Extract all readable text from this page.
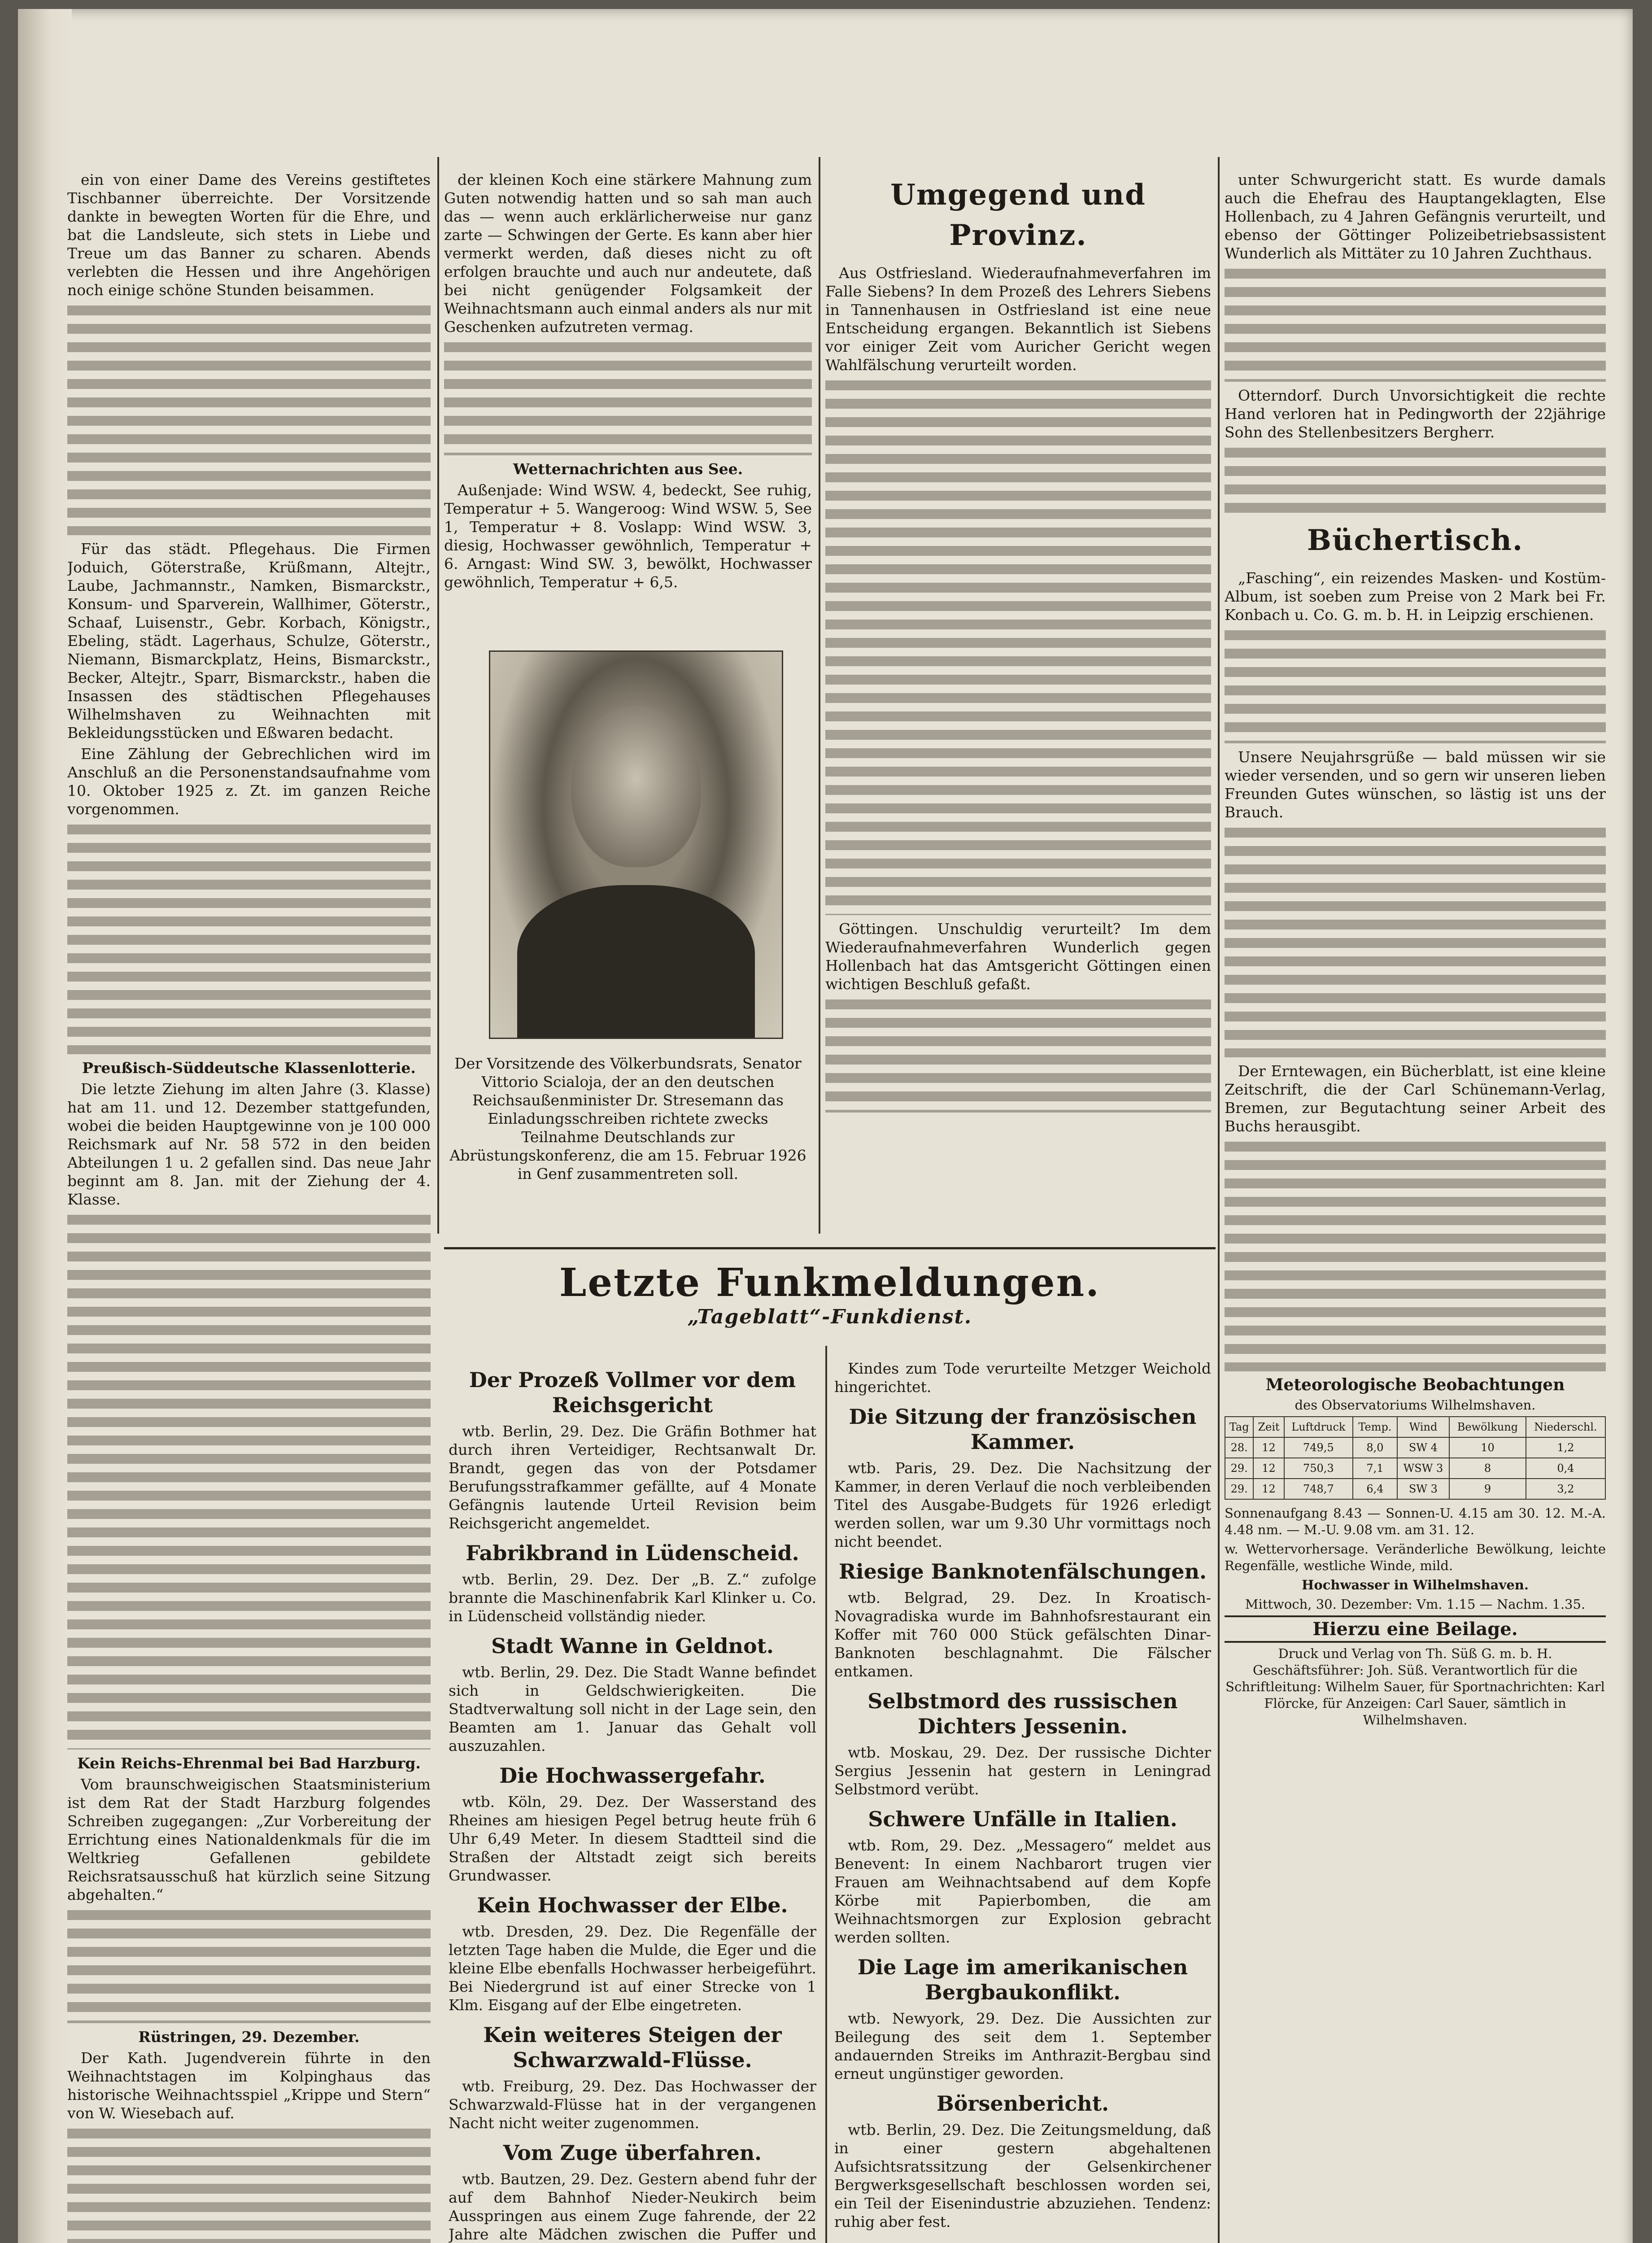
ein von einer Dame des Vereins gestiftetes Tischbanner überreichte. Der Vorsitzende dankte in bewegten Worten für die Ehre, und bat die Landsleute, sich stets in Liebe und Treue um das Banner zu scharen. Abends verlebten die Hessen und ihre Angehörigen noch einige schöne Stunden beisammen.

Für das städt. Pflegehaus. Die Firmen Joduich, Göterstraße, Krüßmann, Altejtr., Laube, Jachmannstr., Namken, Bismarckstr., Konsum- und Sparverein, Wallhimer, Göterstr., Schaaf, Luisenstr., Gebr. Korbach, Königstr., Ebeling, städt. Lagerhaus, Schulze, Göterstr., Niemann, Bismarckplatz, Heins, Bismarckstr., Becker, Altejtr., Sparr, Bismarckstr., haben die Insassen des städtischen Pflegehauses Wilhelmshaven zu Weihnachten mit Bekleidungsstücken und Eßwaren bedacht.

Eine Zählung der Gebrechlichen wird im Anschluß an die Personenstandsaufnahme vom 10. Oktober 1925 z. Zt. im ganzen Reiche vorgenommen.

Preußisch-Süddeutsche Klassenlotterie.

Die letzte Ziehung im alten Jahre (3. Klasse) hat am 11. und 12. Dezember stattgefunden, wobei die beiden Hauptgewinne von je 100 000 Reichsmark auf Nr. 58 572 in den beiden Abteilungen 1 u. 2 gefallen sind. Das neue Jahr beginnt am 8. Jan. mit der Ziehung der 4. Klasse.

Kein Reichs-Ehrenmal bei Bad Harzburg.

Vom braunschweigischen Staatsministerium ist dem Rat der Stadt Harzburg folgendes Schreiben zugegangen: „Zur Vorbereitung der Errichtung eines Nationaldenkmals für die im Weltkrieg Gefallenen gebildete Reichsratsausschuß hat kürzlich seine Sitzung abgehalten.“

Rüstringen, 29. Dezember.

Der Kath. Jugendverein führte in den Weihnachtstagen im Kolpinghaus das historische Weihnachtsspiel „Krippe und Stern“ von W. Wiesebach auf.

der kleinen Koch eine stärkere Mahnung zum Guten notwendig hatten und so sah man auch das — wenn auch erklärlicherweise nur ganz zarte — Schwingen der Gerte. Es kann aber hier vermerkt werden, daß dieses nicht zu oft erfolgen brauchte und auch nur andeutete, daß bei nicht genügender Folgsamkeit der Weihnachtsmann auch einmal anders als nur mit Geschenken aufzutreten vermag.

Wetternachrichten aus See.

Außenjade: Wind WSW. 4, bedeckt, See ruhig, Temperatur + 5. Wangeroog: Wind WSW. 5, See 1, Temperatur + 8. Voslapp: Wind WSW. 3, diesig, Hochwasser gewöhnlich, Temperatur + 6. Arngast: Wind SW. 3, bewölkt, Hochwasser gewöhnlich, Temperatur + 6,5.

Der Vorsitzende des Völkerbundsrats, Senator Vittorio Scialoja, der an den deutschen Reichsaußenminister Dr. Stresemann das Einladungsschreiben richtete zwecks Teilnahme Deutschlands zur Abrüstungskonferenz, die am 15. Februar 1926 in Genf zusammentreten soll.
Umgegend und Provinz.

Aus Ostfriesland. Wiederaufnahmeverfahren im Falle Siebens? In dem Prozeß des Lehrers Siebens in Tannenhausen in Ostfriesland ist eine neue Entscheidung ergangen. Bekanntlich ist Siebens vor einiger Zeit vom Auricher Gericht wegen Wahlfälschung verurteilt worden.

Göttingen. Unschuldig verurteilt? Im dem Wiederaufnahmeverfahren Wunderlich gegen Hollenbach hat das Amtsgericht Göttingen einen wichtigen Beschluß gefaßt.

unter Schwurgericht statt. Es wurde damals auch die Ehefrau des Hauptangeklagten, Else Hollenbach, zu 4 Jahren Gefängnis verurteilt, und ebenso der Göttinger Polizeibetriebsassistent Wunderlich als Mittäter zu 10 Jahren Zuchthaus.

Otterndorf. Durch Unvorsichtigkeit die rechte Hand verloren hat in Pedingworth der 22jährige Sohn des Stellenbesitzers Bergherr.

Büchertisch.

„Fasching“, ein reizendes Masken- und Kostüm-Album, ist soeben zum Preise von 2 Mark bei Fr. Konbach u. Co. G. m. b. H. in Leipzig erschienen.

Unsere Neujahrsgrüße — bald müssen wir sie wieder versenden, und so gern wir unseren lieben Freunden Gutes wünschen, so lästig ist uns der Brauch.

Der Erntewagen, ein Bücherblatt, ist eine kleine Zeitschrift, die der Carl Schünemann-Verlag, Bremen, zur Begutachtung seiner Arbeit des Buchs herausgibt.

Meteorologische Beobachtungen

des Observatoriums Wilhelmshaven.

Tag	Zeit	Luftdruck	Temp.	Wind	Bewölkung	Niederschl.
28.	12	749,5	8,0	SW 4	10	1,2
29.	12	750,3	7,1	WSW 3	8	0,4
29.	12	748,7	6,4	SW 3	9	3,2

Sonnenaufgang 8.43 — Sonnen-U. 4.15 am 30. 12. M.-A. 4.48 nm. — M.-U. 9.08 vm. am 31. 12.

w. Wettervorhersage. Veränderliche Bewölkung, leichte Regenfälle, westliche Winde, mild.

Hochwasser in Wilhelmshaven.

Mittwoch, 30. Dezember: Vm. 1.15 — Nachm. 1.35.

Hierzu eine Beilage.

Druck und Verlag von Th. Süß G. m. b. H. Geschäftsführer: Joh. Süß. Verantwortlich für die Schriftleitung: Wilhelm Sauer, für Sportnachrichten: Karl Flörcke, für Anzeigen: Carl Sauer, sämtlich in Wilhelmshaven.

Letzte Funkmeldungen.
„Tageblatt“-Funkdienst.
Der Prozeß Vollmer vor dem Reichsgericht

wtb. Berlin, 29. Dez. Die Gräfin Bothmer hat durch ihren Verteidiger, Rechtsanwalt Dr. Brandt, gegen das von der Potsdamer Berufungsstrafkammer gefällte, auf 4 Monate Gefängnis lautende Urteil Revision beim Reichsgericht angemeldet.

Fabrikbrand in Lüdenscheid.

wtb. Berlin, 29. Dez. Der „B. Z.“ zufolge brannte die Maschinenfabrik Karl Klinker u. Co. in Lüdenscheid vollständig nieder.

Stadt Wanne in Geldnot.

wtb. Berlin, 29. Dez. Die Stadt Wanne befindet sich in Geldschwierigkeiten. Die Stadtverwaltung soll nicht in der Lage sein, den Beamten am 1. Januar das Gehalt voll auszuzahlen.

Die Hochwassergefahr.

wtb. Köln, 29. Dez. Der Wasserstand des Rheines am hiesigen Pegel betrug heute früh 6 Uhr 6,49 Meter. In diesem Stadtteil sind die Straßen der Altstadt zeigt sich bereits Grundwasser.

Kein Hochwasser der Elbe.

wtb. Dresden, 29. Dez. Die Regenfälle der letzten Tage haben die Mulde, die Eger und die kleine Elbe ebenfalls Hochwasser herbeigeführt. Bei Niedergrund ist auf einer Strecke von 1 Klm. Eisgang auf der Elbe eingetreten.

Kein weiteres Steigen der Schwarzwald-Flüsse.

wtb. Freiburg, 29. Dez. Das Hochwasser der Schwarzwald-Flüsse hat in der vergangenen Nacht nicht weiter zugenommen.

Vom Zuge überfahren.

wtb. Bautzen, 29. Dez. Gestern abend fuhr der auf dem Bahnhof Nieder-Neukirch beim Ausspringen aus einem Zuge fahrende, der 22 Jahre alte Mädchen zwischen die Puffer und

Kindes zum Tode verurteilte Metzger Weichold hingerichtet.

Die Sitzung der französischen Kammer.

wtb. Paris, 29. Dez. Die Nachsitzung der Kammer, in deren Verlauf die noch verbleibenden Titel des Ausgabe-Budgets für 1926 erledigt werden sollen, war um 9.30 Uhr vormittags noch nicht beendet.

Riesige Banknotenfälschungen.

wtb. Belgrad, 29. Dez. In Kroatisch-Novagradiska wurde im Bahnhofsrestaurant ein Koffer mit 760 000 Stück gefälschten Dinar-Banknoten beschlagnahmt. Die Fälscher entkamen.

Selbstmord des russischen Dichters Jessenin.

wtb. Moskau, 29. Dez. Der russische Dichter Sergius Jessenin hat gestern in Leningrad Selbstmord verübt.

Schwere Unfälle in Italien.

wtb. Rom, 29. Dez. „Messagero“ meldet aus Benevent: In einem Nachbarort trugen vier Frauen am Weihnachtsabend auf dem Kopfe Körbe mit Papierbomben, die am Weihnachtsmorgen zur Explosion gebracht werden sollten.

Die Lage im amerikanischen Bergbaukonflikt.

wtb. Newyork, 29. Dez. Die Aussichten zur Beilegung des seit dem 1. September andauernden Streiks im Anthrazit-Bergbau sind erneut ungünstiger geworden.

Börsenbericht.

wtb. Berlin, 29. Dez. Die Zeitungsmeldung, daß in einer gestern abgehaltenen Aufsichtsratssitzung der Gelsenkirchener Bergwerksgesellschaft beschlossen worden sei, ein Teil der Eisenindustrie abzuziehen. Tendenz: ruhig aber fest.
